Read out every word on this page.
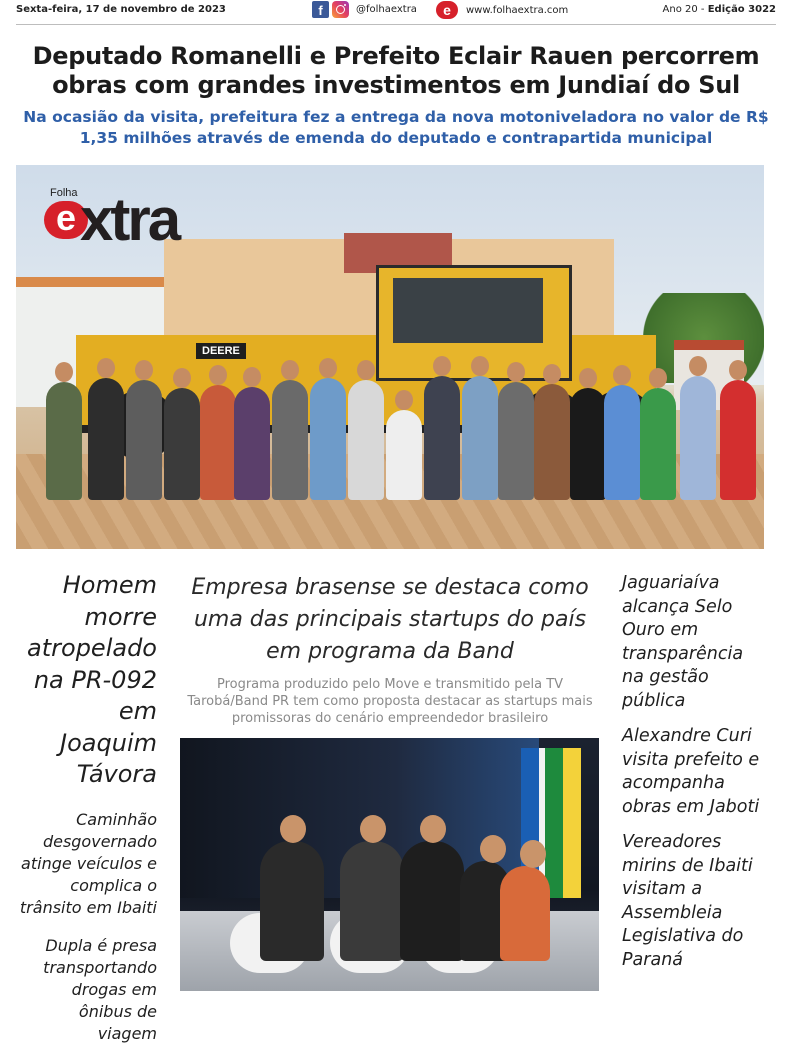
Sexta-feira, 17 de novembro de 2023	f	@folhaextra	e	www.folhaextra.com	Ano 20 - Edição 3022
Deputado Romanelli e Prefeito Eclair Rauen percorrem obras com grandes investimentos em Jundiaí do Sul
Na ocasião da visita, prefeitura fez a entrega da nova motoniveladora no valor de R$ 1,35 milhões através de emenda do deputado e contrapartida municipal
DEERE
Folha
e xtra
Homem morre atropelado na PR-092 em Joaquim Távora
Caminhão desgovernado atinge veículos e complica o trânsito em Ibaiti
Dupla é presa transportando drogas em ônibus de viagem
Empresa brasense se destaca como uma das principais startups do país em programa da Band
Programa produzido pelo Move e transmitido pela TV Tarobá/Band PR tem como proposta destacar as startups mais promissoras do cenário empreendedor brasileiro
Jaguariaíva alcança Selo Ouro em transparência na gestão pública
Alexandre Curi visita prefeito e acompanha obras em Jaboti
Vereadores mirins de Ibaiti visitam a Assembleia Legislativa do Paraná
